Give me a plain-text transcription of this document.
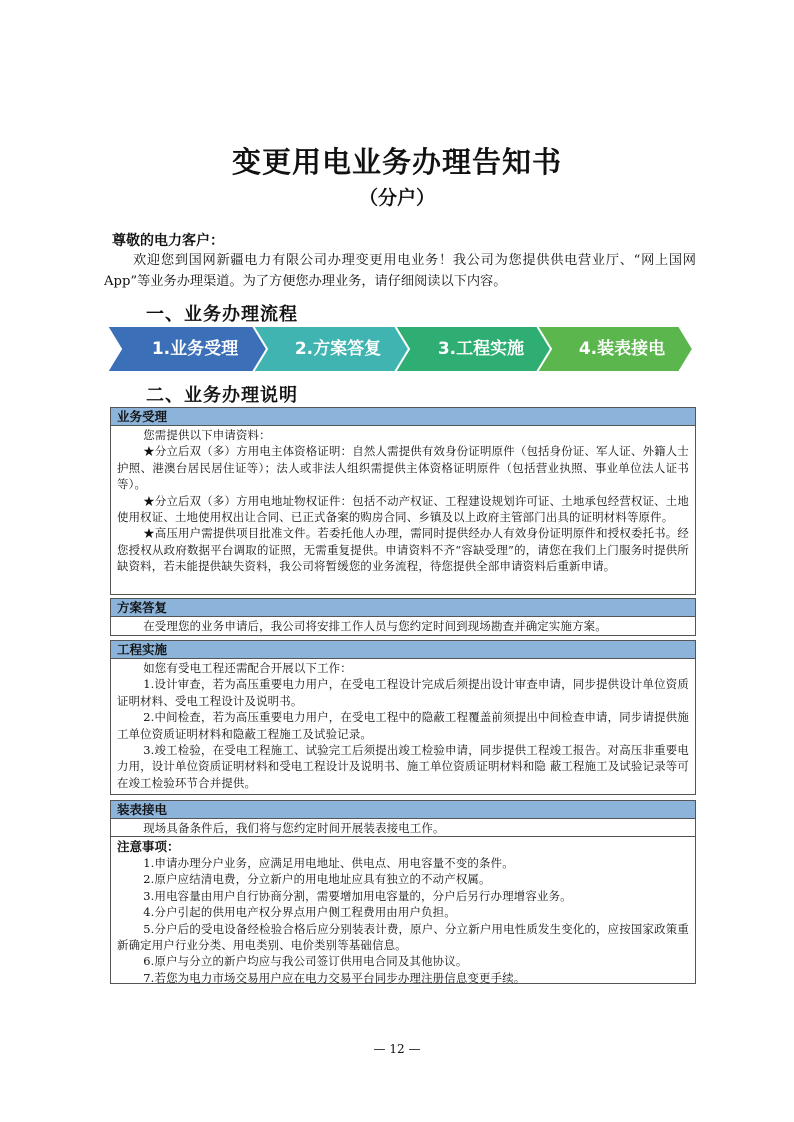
变更用电业务办理告知书
（分户）
尊敬的电力客户：
欢迎您到国网新疆电力有限公司办理变更用电业务！我公司为您提供供电营业厅、“网上国网 App”等业务办理渠道。为了方便您办理业务，请仔细阅读以下内容。
一、业务办理流程
1.业务受理	2.方案答复	3.工程实施	4.装表接电
二、业务办理说明
业务受理

您需提供以下申请资料：

★分立后双（多）方用电主体资格证明：自然人需提供有效身份证明原件（包括身份证、军人证、外籍人士护照、港澳台居民居住证等）；法人或非法人组织需提供主体资格证明原件（包括营业执照、事业单位法人证书等）。

★分立后双（多）方用电地址物权证件：包括不动产权证、工程建设规划许可证、土地承包经营权证、土地使用权证、土地使用权出让合同、已正式备案的购房合同、乡镇及以上政府主管部门出具的证明材料等原件。

★高压用户需提供项目批准文件。若委托他人办理，需同时提供经办人有效身份证明原件和授权委托书。经您授权从政府数据平台调取的证照，无需重复提供。申请资料不齐“容缺受理”的，请您在我们上门服务时提供所缺资料，若未能提供缺失资料，我公司将暂缓您的业务流程，待您提供全部申请资料后重新申请。

方案答复

在受理您的业务申请后，我公司将安排工作人员与您约定时间到现场勘查并确定实施方案。

工程实施

如您有受电工程还需配合开展以下工作：

1.设计审查，若为高压重要电力用户，在受电工程设计完成后须提出设计审查申请，同步提供设计单位资质证明材料、受电工程设计及说明书。

2.中间检查，若为高压重要电力用户，在受电工程中的隐蔽工程覆盖前须提出中间检查申请，同步请提供施工单位资质证明材料和隐蔽工程施工及试验记录。

3.竣工检验，在受电工程施工、试验完工后须提出竣工检验申请，同步提供工程竣工报告。对高压非重要电力用，设计单位资质证明材料和受电工程设计及说明书、施工单位资质证明材料和隐 蔽工程施工及试验记录等可在竣工检验环节合并提供。

装表接电

现场具备条件后，我们将与您约定时间开展装表接电工作。

注意事项：

1.申请办理分户业务，应满足用电地址、供电点、用电容量不变的条件。

2.原户应结清电费，分立新户的用电地址应具有独立的不动产权属。

3.用电容量由用户自行协商分割，需要增加用电容量的，分户后另行办理增容业务。

4.分户引起的供用电产权分界点用户侧工程费用由用户负担。

5.分户后的受电设备经检验合格后应分别装表计费，原户、分立新户用电性质发生变化的，应按国家政策重新确定用户行业分类、用电类别、电价类别等基础信息。

6.原户与分立的新户均应与我公司签订供用电合同及其他协议。

7.若您为电力市场交易用户应在电力交易平台同步办理注册信息变更手续。

— 12 —
